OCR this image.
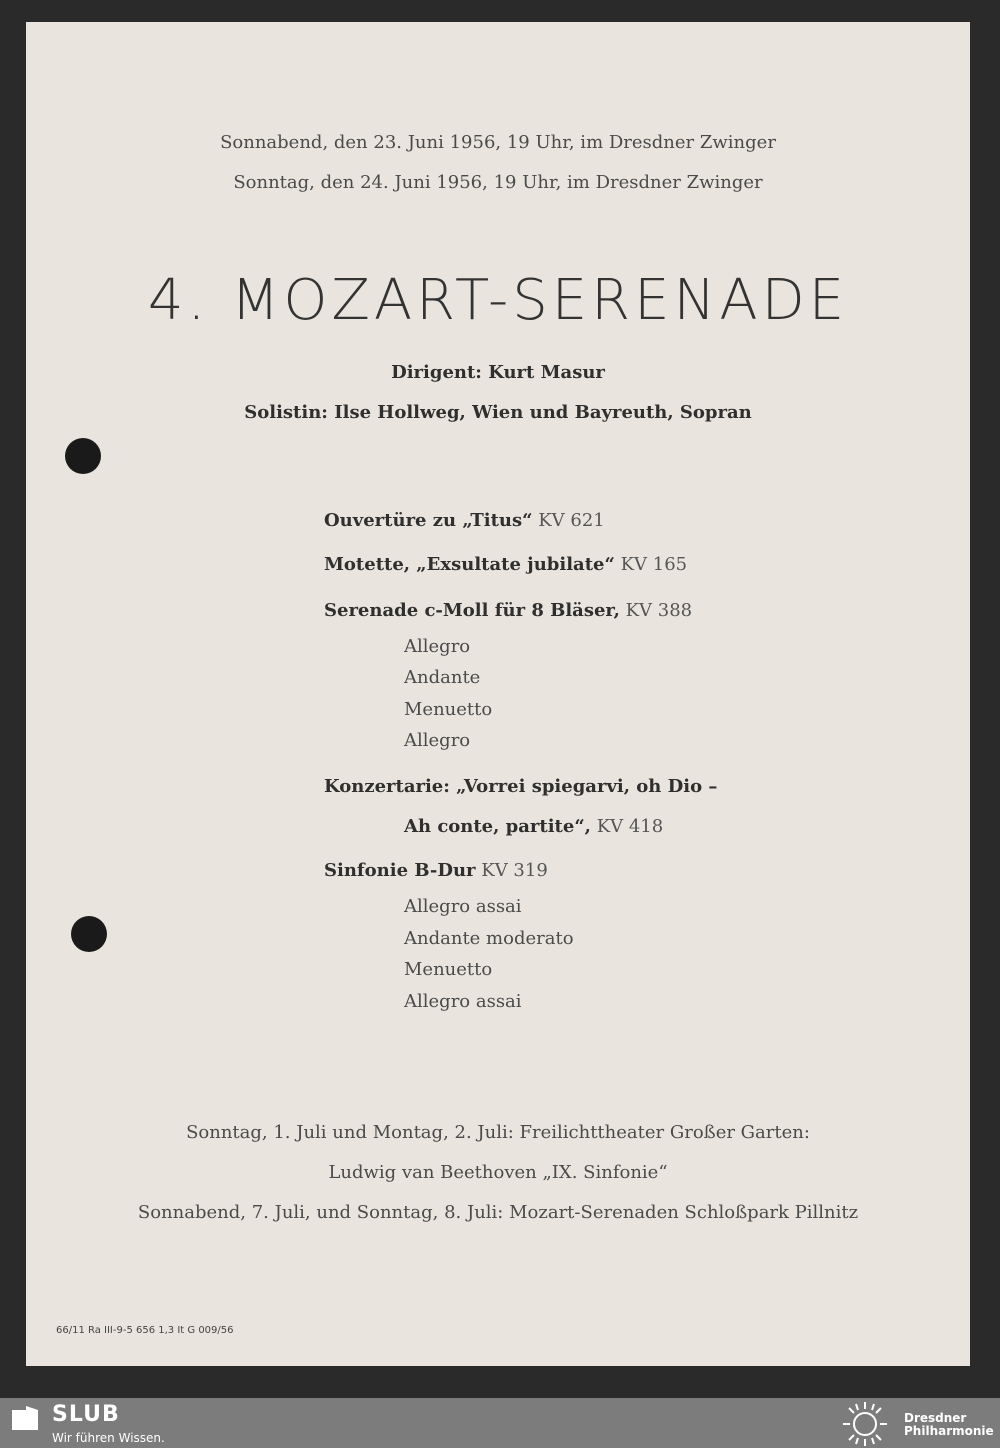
Sonnabend, den 23. Juni 1956, 19 Uhr, im Dresdner Zwinger
Sonntag, den 24. Juni 1956, 19 Uhr, im Dresdner Zwinger
4. MOZART-SERENADE
Dirigent: Kurt Masur
Solistin: Ilse Hollweg, Wien und Bayreuth, Sopran
Ouvertüre zu „Titus“ KV 621
Motette, „Exsultate jubilate“ KV 165
Serenade c-Moll für 8 Bläser, KV 388
Allegro
Andante
Menuetto
Allegro
Konzertarie: „Vorrei spiegarvi, oh Dio –
Ah conte, partite“, KV 418
Sinfonie B-Dur KV 319
Allegro assai
Andante moderato
Menuetto
Allegro assai
Sonntag, 1. Juli und Montag, 2. Juli: Freilichttheater Großer Garten:
Ludwig van Beethoven „IX. Sinfonie“
Sonnabend, 7. Juli, und Sonntag, 8. Juli: Mozart-Serenaden Schloßpark Pillnitz
66/11 Ra III-9-5 656 1,3 It G 009/56
SLUB
Wir führen Wissen.
Dresdner
Philharmonie
